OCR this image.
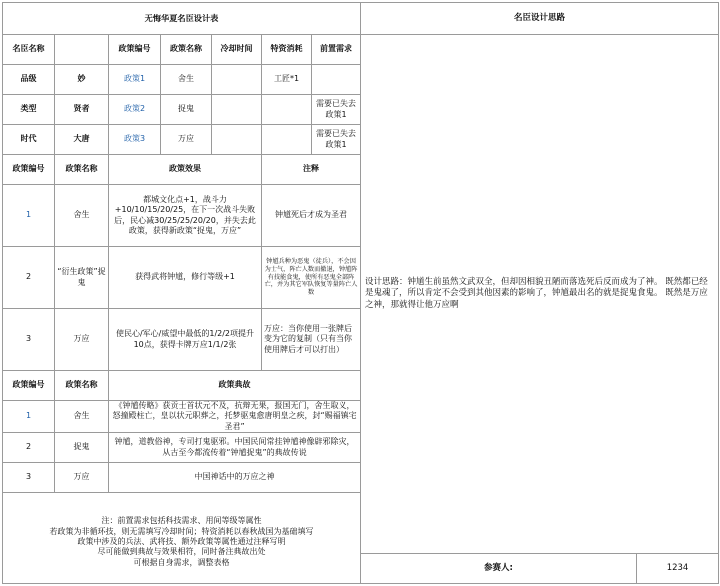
无悔华夏名臣设计表						
名臣名称		政策编号	政策名称	冷却时间	特资消耗	前置需求
品级	妙	政策1	舍生		工匠*1	
类型	贤者	政策2	捉鬼			需要已失去政策1
时代	大唐	政策3	万应			需要已失去政策1
政策编号	政策名称	政策效果			注释	
1	舍生	都城文化点+1，战斗力+10/10/15/20/25，在下一次战斗失败后，民心减30/25/25/20/20，并失去此政策，获得新政策“捉鬼，万应”			钟馗死后才成为圣君	
2	“衍生政策”捉鬼	获得武将钟馗，修行等级+1			钟馗兵种为恶鬼（徒兵），不会因为士气，阵亡人数而撤退，钟馗阵有技能食鬼，使所有恶鬼全部阵亡，并为其它军队恢复等量阵亡人数	
3	万应	使民心/军心/威望中最低的1/2/2项提升10点，获得卡牌万应1/1/2张			万应：当你使用一张牌后变为它的复制（只有当你使用牌后才可以打出）	
政策编号	政策名称	政策典故				
1	舍生	《钟馗传略》获贡士首状元不及，抗辩无果，报国无门，舍生取义，怒撞殿柱亡，皇以状元职葬之，托梦驱鬼愈唐明皇之疾，封“赐福镇宅圣君”				
2	捉鬼	钟馗，道教俗神，专司打鬼驱邪。中国民间常挂钟馗神像辟邪除灾，从古至今都流传着“钟馗捉鬼”的典故传说				
3	万应	中国神话中的万应之神				

注：前置需求包括科技需求、用间等级等属性
若政策为非循环技，则无需填写冷却时间；特资消耗以春秋战国为基础填写
政策中涉及的兵法、武将技、额外政策等属性通过注释写明
尽可能做到典故与效果相符，同时备注典故出处
可根据自身需求，调整表格						
名臣设计思路
设计思路：钟馗生前虽然文武双全，但却因相貌丑陋而落选死后反而成为了神。 既然都已经是鬼魂了，所以肯定不会受到其他因素的影响了，钟馗最出名的就是捉鬼食鬼。 既然是万应之神，那就得让他万应啊
参赛人:	1234
